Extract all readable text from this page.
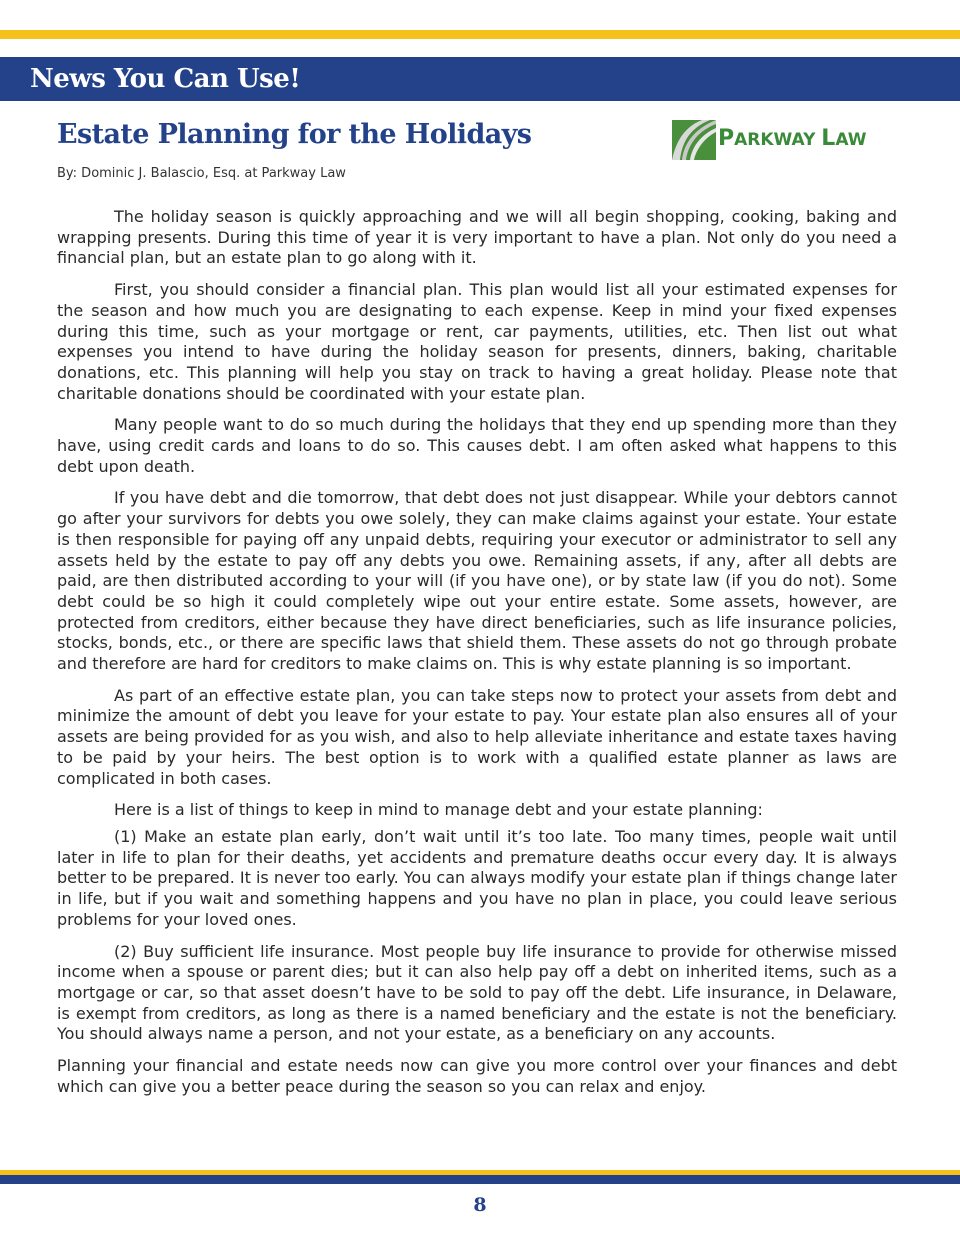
News You Can Use!
Estate Planning for the Holidays
By: Dominic J. Balascio, Esq. at Parkway Law
PARKWAY LAW

The holiday season is quickly approaching and we will all begin shopping, cooking, baking and wrapping presents. During this time of year it is very important to have a plan. Not only do you need a financial plan, but an estate plan to go along with it.

First, you should consider a financial plan. This plan would list all your estimated expenses for the season and how much you are designating to each expense. Keep in mind your fixed expenses during this time, such as your mortgage or rent, car payments, utilities, etc. Then list out what expenses you intend to have during the holiday season for presents, dinners, baking, charitable donations, etc. This planning will help you stay on track to having a great holiday. Please note that charitable donations should be coordinated with your estate plan.

Many people want to do so much during the holidays that they end up spending more than they have, using credit cards and loans to do so. This causes debt. I am often asked what happens to this debt upon death.

If you have debt and die tomorrow, that debt does not just disappear. While your debtors cannot go after your survivors for debts you owe solely, they can make claims against your estate. Your estate is then responsible for paying off any unpaid debts, requiring your executor or administrator to sell any assets held by the estate to pay off any debts you owe. Remaining assets, if any, after all debts are paid, are then distributed according to your will (if you have one), or by state law (if you do not). Some debt could be so high it could completely wipe out your entire estate. Some assets, however, are protected from creditors, either because they have direct beneficiaries, such as life insurance policies, stocks, bonds, etc., or there are specific laws that shield them. These assets do not go through probate and therefore are hard for creditors to make claims on. This is why estate planning is so important.

As part of an effective estate plan, you can take steps now to protect your assets from debt and minimize the amount of debt you leave for your estate to pay. Your estate plan also ensures all of your assets are being provided for as you wish, and also to help alleviate inheritance and estate taxes having to be paid by your heirs. The best option is to work with a qualified estate planner as laws are complicated in both cases.

Here is a list of things to keep in mind to manage debt and your estate planning:

(1) Make an estate plan early, don’t wait until it’s too late. Too many times, people wait until later in life to plan for their deaths, yet accidents and premature deaths occur every day. It is always better to be prepared. It is never too early. You can always modify your estate plan if things change later in life, but if you wait and something happens and you have no plan in place, you could leave serious problems for your loved ones.

(2) Buy sufficient life insurance. Most people buy life insurance to provide for otherwise missed income when a spouse or parent dies; but it can also help pay off a debt on inherited items, such as a mortgage or car, so that asset doesn’t have to be sold to pay off the debt. Life insurance, in Delaware, is exempt from creditors, as long as there is a named beneficiary and the estate is not the beneficiary. You should always name a person, and not your estate, as a beneficiary on any accounts.

Planning your financial and estate needs now can give you more control over your finances and debt which can give you a better peace during the season so you can relax and enjoy.

8
